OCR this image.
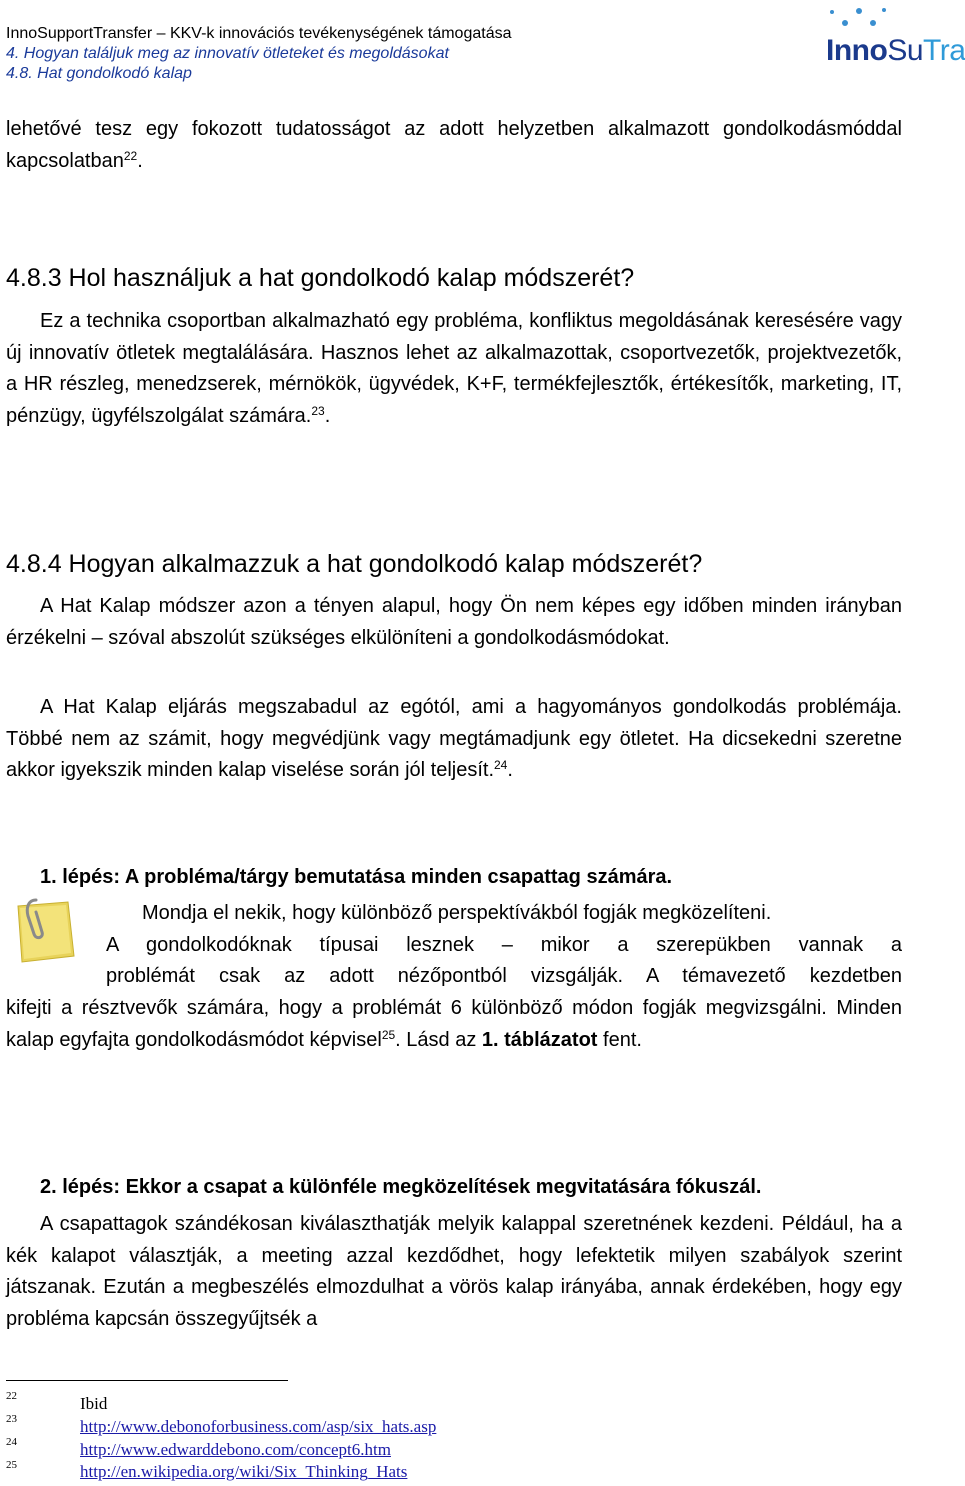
InnoSupportTransfer – KKV-k innovációs tevékenységének támogatása
4. Hogyan találjuk meg az innovatív ötleteket és megoldásokat
4.8. Hat gondolkodó kalap
InnoSuTra
lehetővé tesz egy fokozott tudatosságot az adott helyzetben alkalmazott gondolkodásmóddal kapcsolatban$^{22}$.
4.8.3 Hol használjuk a hat gondolkodó kalap módszerét?
Ez a technika csoportban alkalmazható egy probléma, konfliktus megoldásának keresésére vagy új innovatív ötletek megtalálására. Hasznos lehet az alkalmazottak, csoportvezetők, projektvezetők, a HR részleg, menedzserek, mérnökök, ügyvédek, K+F, termékfejlesztők, értékesítők, marketing, IT, pénzügy, ügyfélszolgálat számára.$^{23}$.
4.8.4 Hogyan alkalmazzuk a hat gondolkodó kalap módszerét?
A Hat Kalap módszer azon a tényen alapul, hogy Ön nem képes egy időben minden irányban érzékelni – szóval abszolút szükséges elkülöníteni a gondolkodásmódokat.
A Hat Kalap eljárás megszabadul az egótól, ami a hagyományos gondolkodás problémája. Többé nem az számit, hogy megvédjünk vagy megtámadjunk egy ötletet. Ha dicsekedni szeretne akkor igyekszik minden kalap viselése során jól teljesít.$^{24}$.
1. lépés: A probléma/tárgy bemutatása minden csapattag számára.
Mondja el nekik, hogy különböző perspektívákból fogják megközelíteni.
A gondolkodóknak típusai lesznek – mikor a szerepükben vannak a
problémát csak az adott nézőpontból vizsgálják. A témavezető kezdetben
kifejti a résztvevők számára, hogy a problémát 6 különböző módon fogják megvizsgálni. Minden kalap egyfajta gondolkodásmódot képvisel$^{25}$. Lásd az 1. táblázatot fent.
2. lépés: Ekkor a csapat a különféle megközelítések megvitatására fókuszál.
A csapattagok szándékosan kiválaszthatják melyik kalappal szeretnének kezdeni. Például, ha a kék kalapot választják, a meeting azzal kezdődhet, hogy lefektetik milyen szabályok szerint játszanak. Ezután a megbeszélés elmozdulhat a vörös kalap irányába, annak érdekében, hogy egy probléma kapcsán összegyűjtsék a
22	Ibid
23	http://www.debonoforbusiness.com/asp/six_hats.asp
24	http://www.edwarddebono.com/concept6.htm
25	http://en.wikipedia.org/wiki/Six_Thinking_Hats
